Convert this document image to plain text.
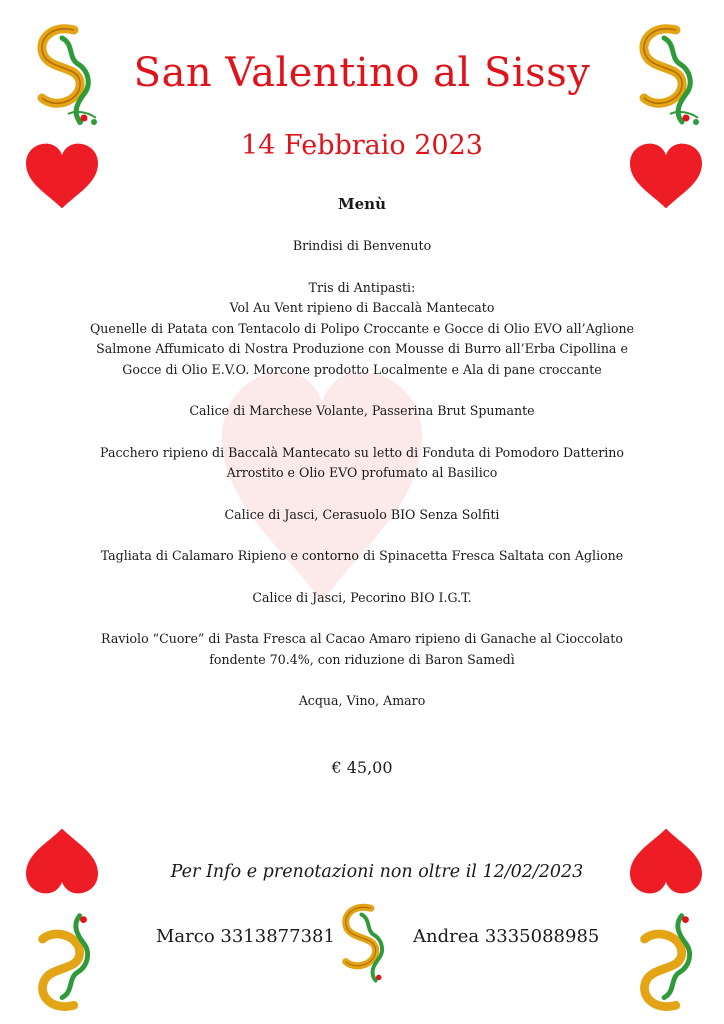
San Valentino al Sissy
14 Febbraio 2023
Menù
Brindisi di Benvenuto
Tris di Antipasti:
Vol Au Vent ripieno di Baccalà Mantecato
Quenelle di Patata con Tentacolo di Polipo Croccante e Gocce di Olio EVO all’Aglione
Salmone Affumicato di Nostra Produzione con Mousse di Burro all’Erba Cipollina e
Gocce di Olio E.V.O. Morcone prodotto Localmente e Ala di pane croccante
Calice di Marchese Volante, Passerina Brut Spumante
Pacchero ripieno di Baccalà Mantecato su letto di Fonduta di Pomodoro Datterino
Arrostito e Olio EVO profumato al Basilico
Calice di Jasci, Cerasuolo BIO Senza Solfiti
Tagliata di Calamaro Ripieno e contorno di Spinacetta Fresca Saltata con Aglione
Calice di Jasci, Pecorino BIO I.G.T.
Raviolo “Cuore” di Pasta Fresca al Cacao Amaro ripieno di Ganache al Cioccolato
fondente 70.4%, con riduzione di Baron Samedì
Acqua, Vino, Amaro
€ 45,00
Per Info e prenotazioni non oltre il 12/02/2023
Marco 3313877381	Andrea 3335088985
